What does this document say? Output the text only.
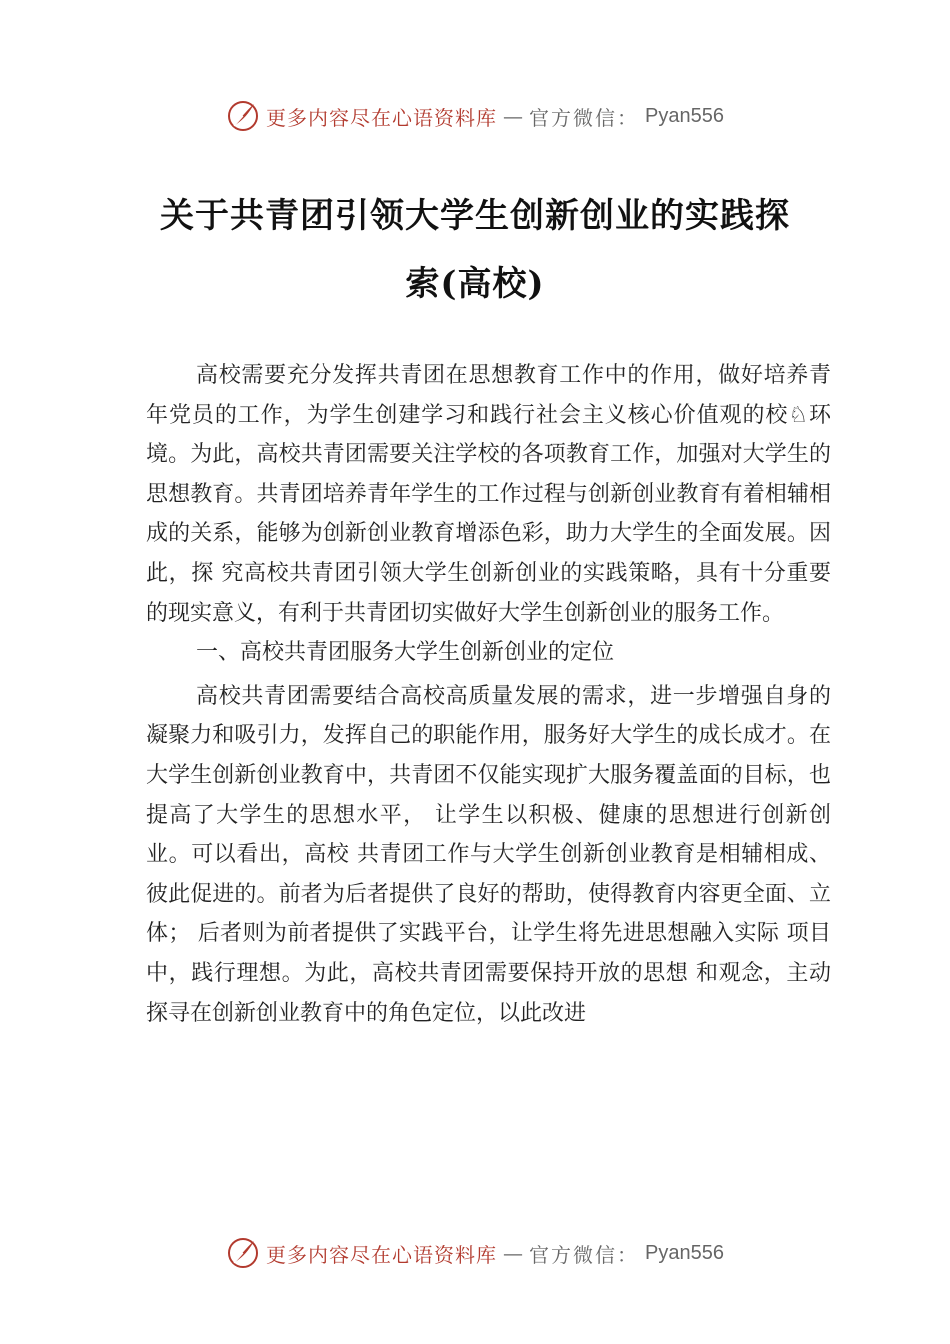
更多内容尽在心语资料库 — 官方微信： Pyan556
关于共青团引领大学生创新创业的实践探
索(高校)

高校需要充分发挥共青团在思想教育工作中的作用，做好培养青年党员的工作，为学生创建学习和践行社会主义核心价值观的校♘环境。为此，高校共青团需要关注学校的各项教育工作，加强对大学生的思想教育。共青团培养青年学生的工作过程与创新创业教育有着相辅相成的关系，能够为创新创业教育增添色彩，助力大学生的全面发展。因此，探 究高校共青团引领大学生创新创业的实践策略，具有十分重要的现实意义，有利于共青团切实做好大学生创新创业的服务工作。

一、高校共青团服务大学生创新创业的定位

高校共青团需要结合高校高质量发展的需求，进一步增强自身的凝聚力和吸引力，发挥自己的职能作用，服务好大学生的成长成才。在大学生创新创业教育中，共青团不仅能实现扩大服务覆盖面的目标，也提高了大学生的思想水平， 让学生以积极、健康的思想进行创新创业。可以看出，高校 共青团工作与大学生创新创业教育是相辅相成、彼此促进的。前者为后者提供了良好的帮助，使得教育内容更全面、立体； 后者则为前者提供了实践平台，让学生将先进思想融入实际 项目中，践行理想。为此，高校共青团需要保持开放的思想 和观念，主动探寻在创新创业教育中的角色定位，以此改进

更多内容尽在心语资料库 — 官方微信： Pyan556
